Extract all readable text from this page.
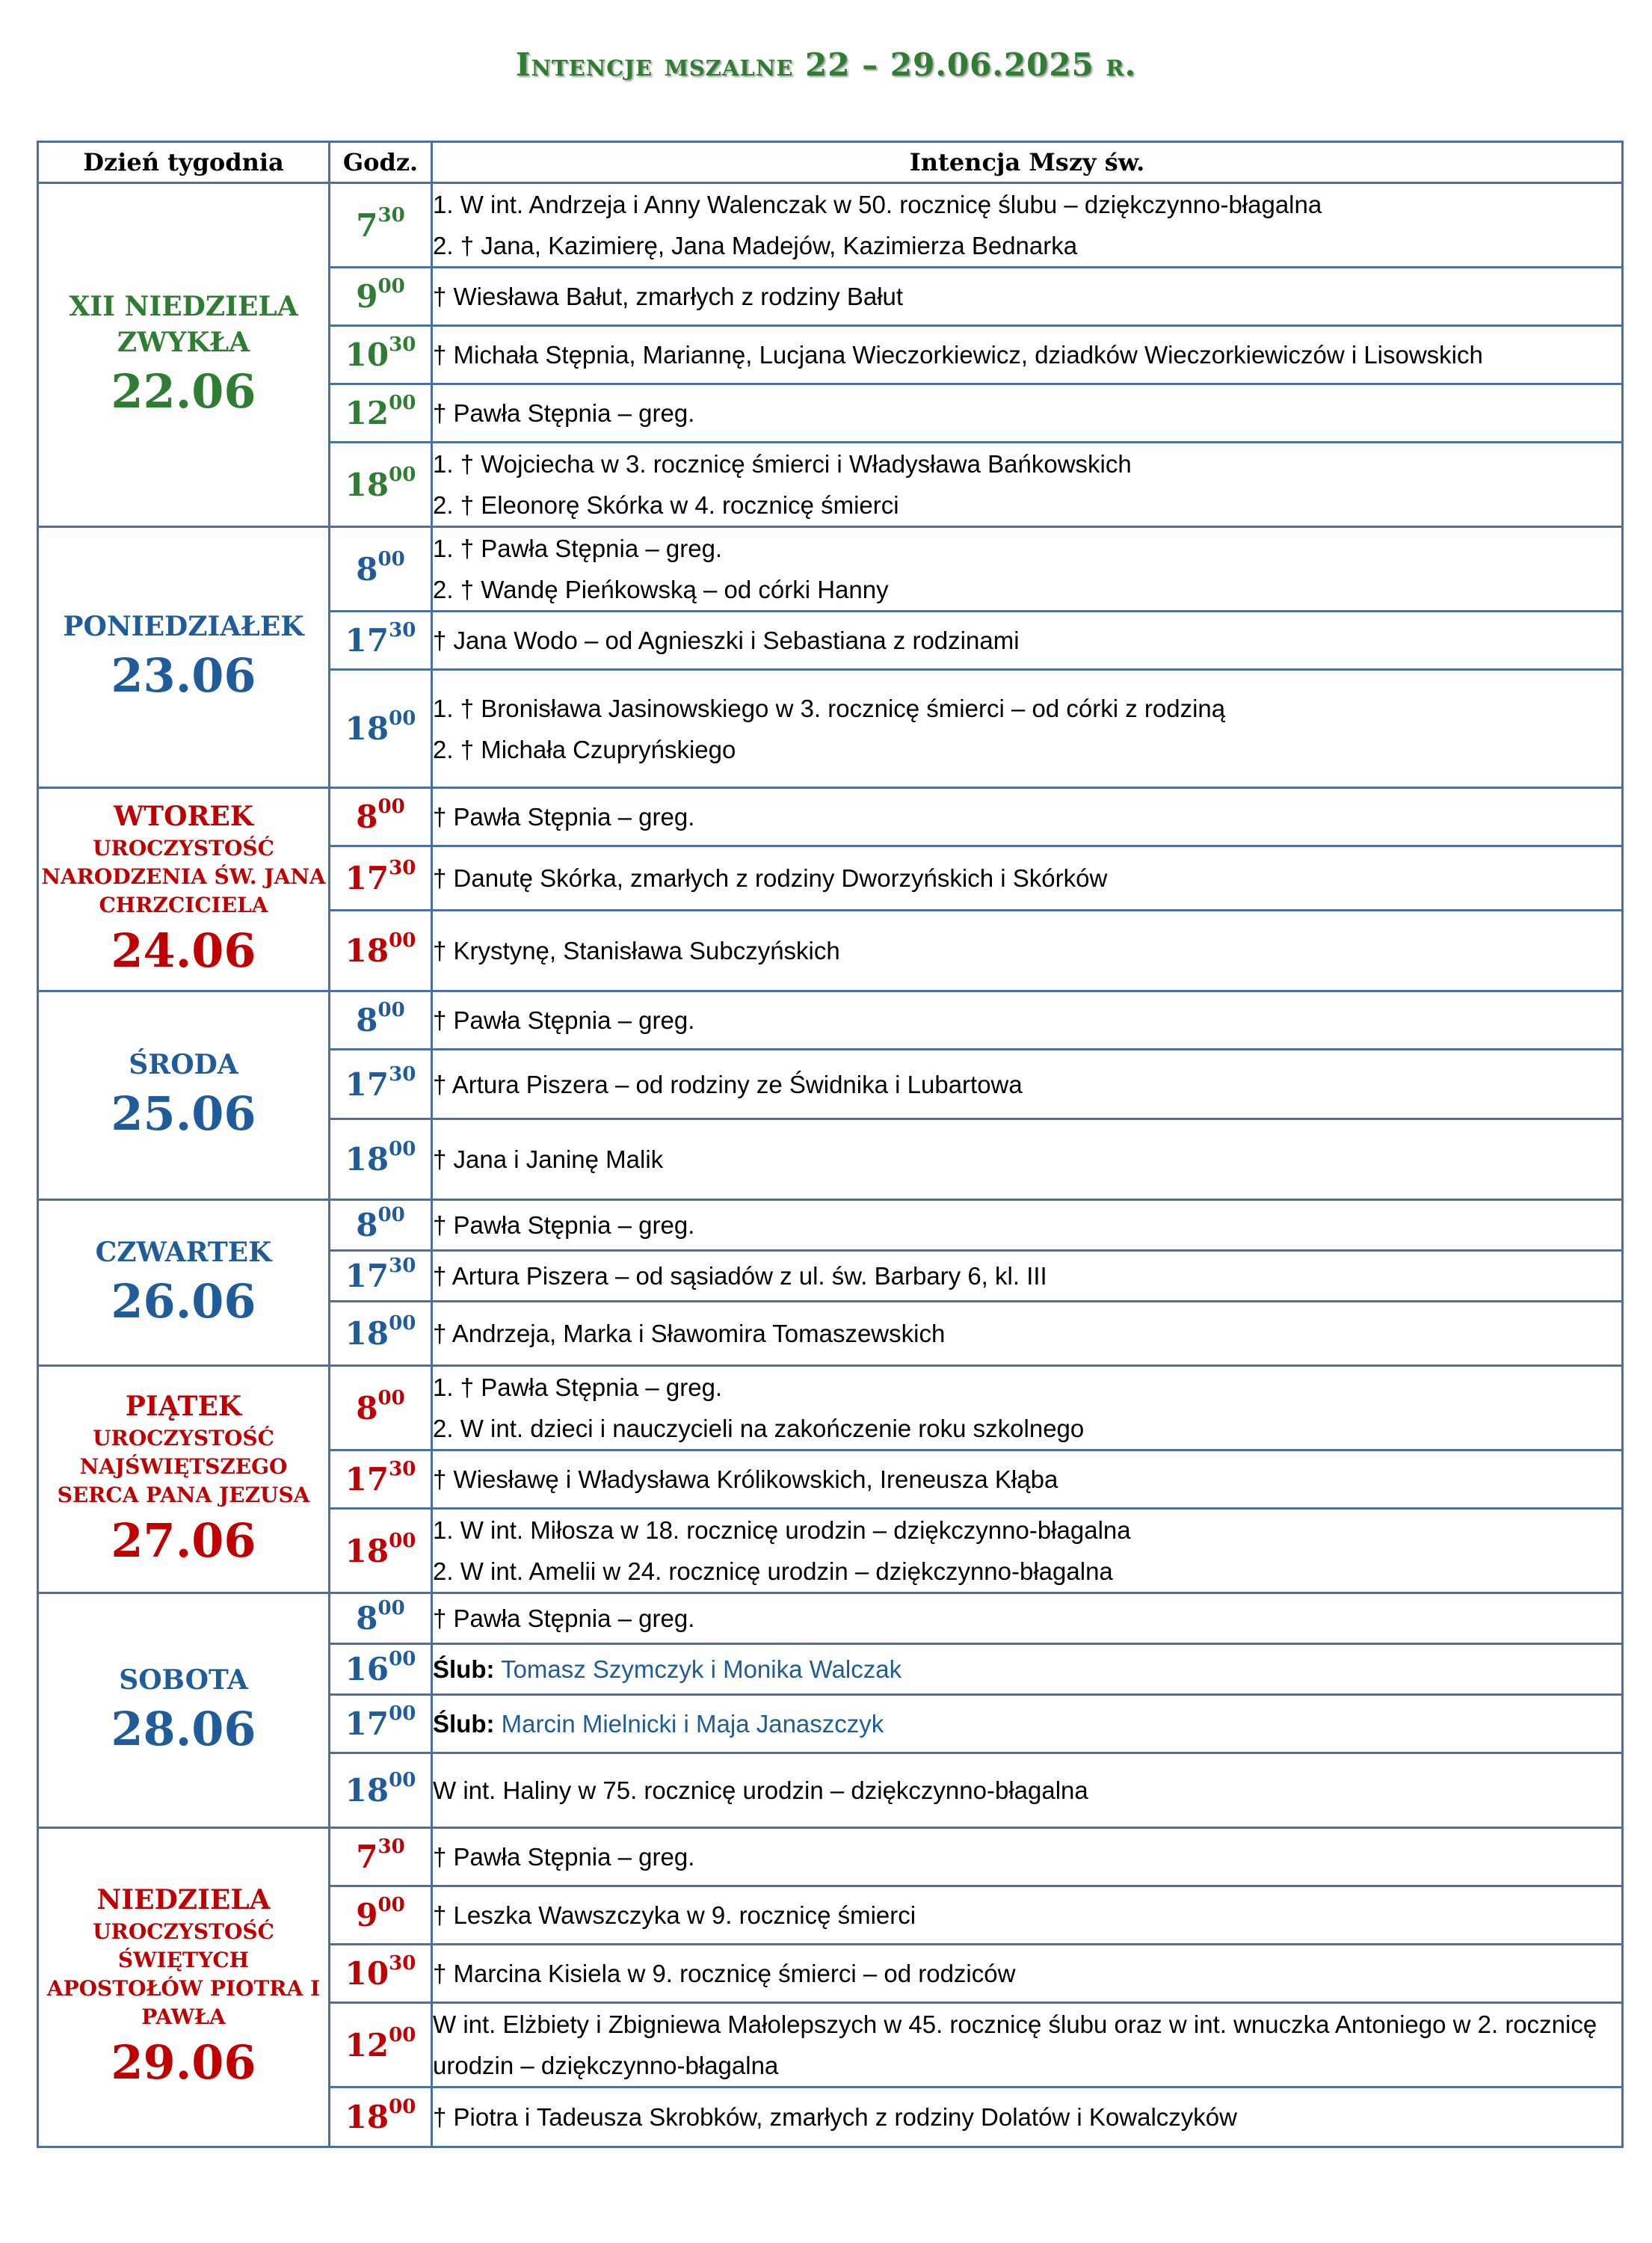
Intencje mszalne 22 – 29.06.2025 r.
Dzień tygodnia	Godz.	Intencja Mszy św.

XII NIEDZIELA ZWYKŁA
22.06	$7^{30}$	1. W int. Andrzeja i Anny Walenczak w 50. rocznicę ślubu – dziękczynno-błagalna
2. † Jana, Kazimierę, Jana Madejów, Kazimierza Bednarka

	$9^{00}$	† Wiesława Bałut, zmarłych z rodziny Bałut

	$10^{30}$	† Michała Stępnia, Mariannę, Lucjana Wieczorkiewicz, dziadków Wieczorkiewiczów i Lisowskich

	$12^{00}$	† Pawła Stępnia – greg.

	$18^{00}$	1. † Wojciecha w 3. rocznicę śmierci i Władysława Bańkowskich
2. † Eleonorę Skórka w 4. rocznicę śmierci

PONIEDZIAŁEK
23.06	$8^{00}$	1. † Pawła Stępnia – greg.
2. † Wandę Pieńkowską – od córki Hanny

	$17^{30}$	† Jana Wodo – od Agnieszki i Sebastiana z rodzinami

	$18^{00}$	1. † Bronisława Jasinowskiego w 3. rocznicę śmierci – od córki z rodziną
2. † Michała Czupryńskiego

WTOREK
UROCZYSTOŚĆ NARODZENIA ŚW. JANA CHRZCICIELA
24.06	$8^{00}$	† Pawła Stępnia – greg.

	$17^{30}$	† Danutę Skórka, zmarłych z rodziny Dworzyńskich i Skórków

	$18^{00}$	† Krystynę, Stanisława Subczyńskich

ŚRODA
25.06	$8^{00}$	† Pawła Stępnia – greg.

	$17^{30}$	† Artura Piszera – od rodziny ze Świdnika i Lubartowa

	$18^{00}$	† Jana i Janinę Malik

CZWARTEK
26.06	$8^{00}$	† Pawła Stępnia – greg.

	$17^{30}$	† Artura Piszera – od sąsiadów z ul. św. Barbary 6, kl. III

	$18^{00}$	† Andrzeja, Marka i Sławomira Tomaszewskich

PIĄTEK
UROCZYSTOŚĆ NAJŚWIĘTSZEGO SERCA PANA JEZUSA
27.06	$8^{00}$	1. † Pawła Stępnia – greg.
2. W int. dzieci i nauczycieli na zakończenie roku szkolnego

	$17^{30}$	† Wiesławę i Władysława Królikowskich, Ireneusza Kłąba

	$18^{00}$	1. W int. Miłosza w 18. rocznicę urodzin – dziękczynno-błagalna
2. W int. Amelii w 24. rocznicę urodzin – dziękczynno-błagalna

SOBOTA
28.06	$8^{00}$	† Pawła Stępnia – greg.

	$16^{00}$	Ślub: Tomasz Szymczyk i Monika Walczak
	$17^{00}$	Ślub: Marcin Mielnicki i Maja Janaszczyk
	$18^{00}$	W int. Haliny w 75. rocznicę urodzin – dziękczynno-błagalna

NIEDZIELA
UROCZYSTOŚĆ ŚWIĘTYCH APOSTOŁÓW PIOTRA I PAWŁA
29.06	$7^{30}$	† Pawła Stępnia – greg.

	$9^{00}$	† Leszka Wawszczyka w 9. rocznicę śmierci

	$10^{30}$	† Marcina Kisiela w 9. rocznicę śmierci – od rodziców

	$12^{00}$	W int. Elżbiety i Zbigniewa Małolepszych w 45. rocznicę ślubu oraz w int. wnuczka Antoniego w 2. rocznicę urodzin – dziękczynno-błagalna

	$18^{00}$	† Piotra i Tadeusza Skrobków, zmarłych z rodziny Dolatów i Kowalczyków
